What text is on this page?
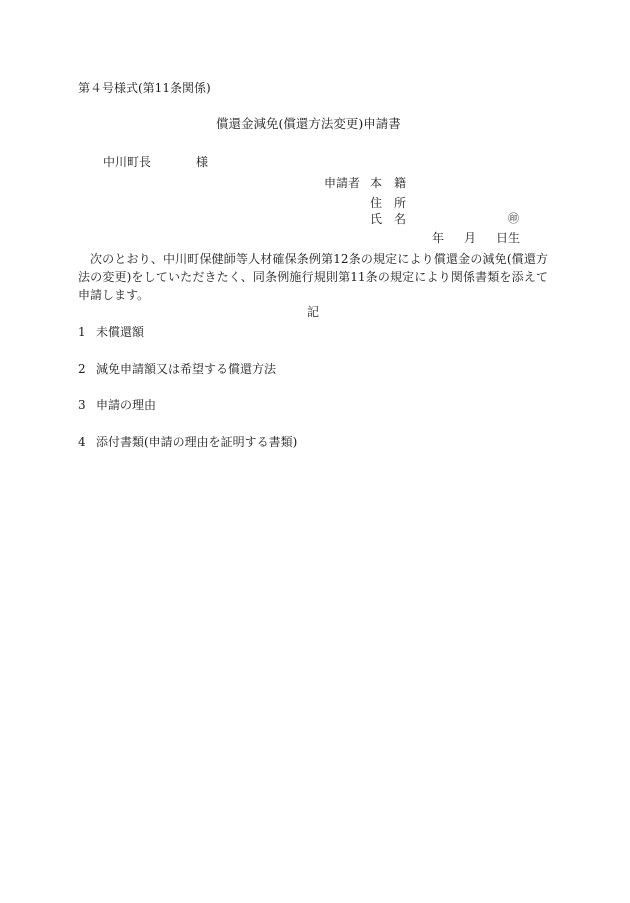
第４号様式(第11条関係)
償還金減免(償還方法変更)申請書
中川町長	様
申請者 本籍
住所
氏名	㊞
年 月 日生
次のとおり、中川町保健師等人材確保条例第12条の規定により償還金の減免(償還方法の変更)をしていただきたく、同条例施行規則第11条の規定により関係書類を添えて申請します。
記
1 未償還額
2 減免申請額又は希望する償還方法
3 申請の理由
4 添付書類(申請の理由を証明する書類)
